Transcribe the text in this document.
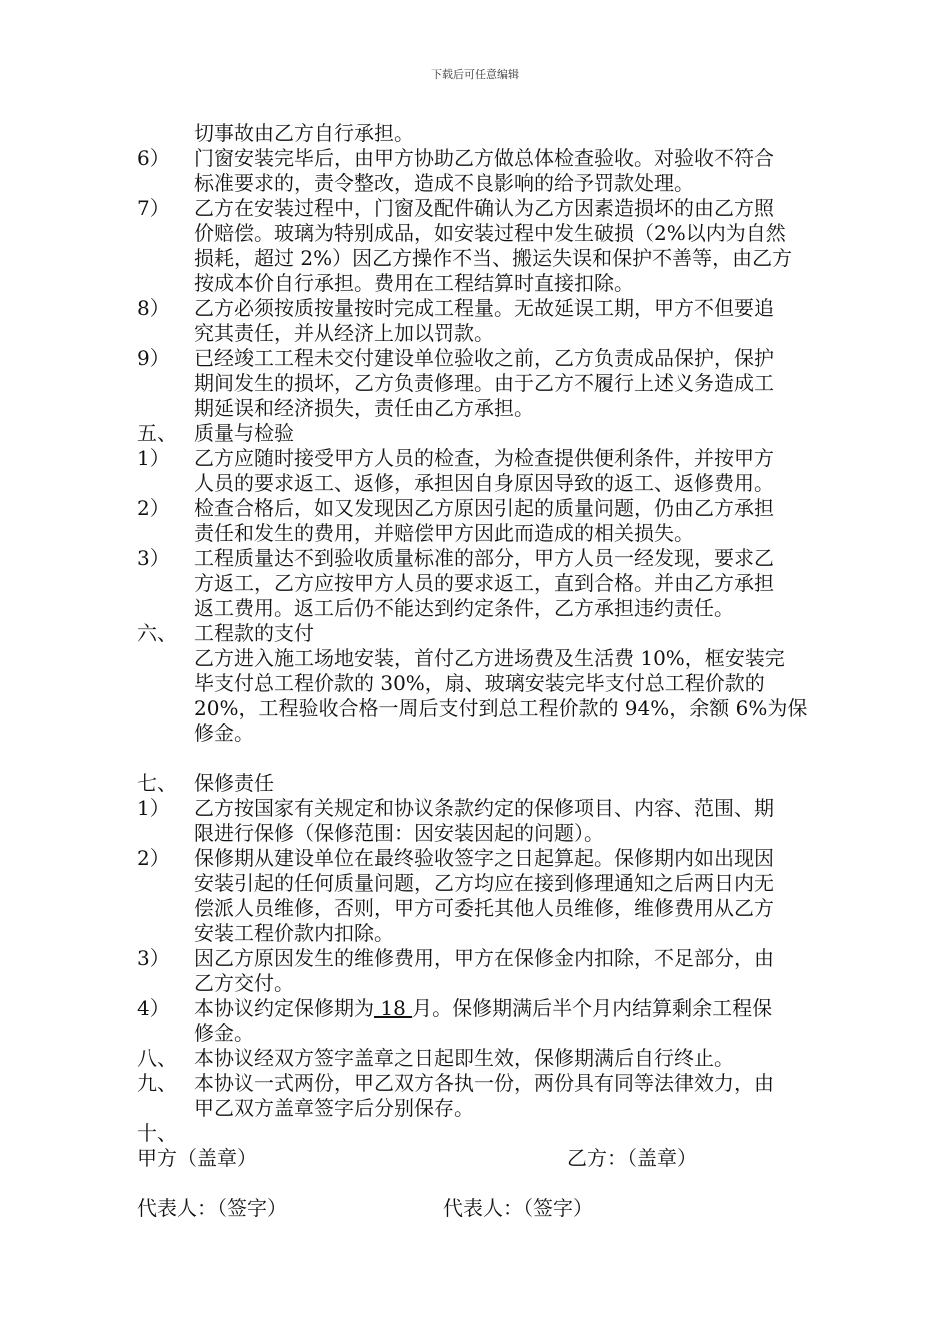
下载后可任意编辑
切事故由乙方自行承担。
6） 门窗安装完毕后，由甲方协助乙方做总体检查验收。对验收不符合
标准要求的，责令整改，造成不良影响的给予罚款处理。
7） 乙方在安装过程中，门窗及配件确认为乙方因素造损坏的由乙方照
价赔偿。玻璃为特别成品，如安装过程中发生破损（2%以内为自然
损耗，超过 2%）因乙方操作不当、搬运失误和保护不善等，由乙方
按成本价自行承担。费用在工程结算时直接扣除。
8） 乙方必须按质按量按时完成工程量。无故延误工期，甲方不但要追
究其责任，并从经济上加以罚款。
9） 已经竣工工程未交付建设单位验收之前，乙方负责成品保护，保护
期间发生的损坏，乙方负责修理。由于乙方不履行上述义务造成工
期延误和经济损失，责任由乙方承担。
五、 质量与检验
1） 乙方应随时接受甲方人员的检查，为检查提供便利条件，并按甲方
人员的要求返工、返修，承担因自身原因导致的返工、返修费用。
2） 检查合格后，如又发现因乙方原因引起的质量问题，仍由乙方承担
责任和发生的费用，并赔偿甲方因此而造成的相关损失。
3） 工程质量达不到验收质量标准的部分，甲方人员一经发现，要求乙
方返工，乙方应按甲方人员的要求返工，直到合格。并由乙方承担
返工费用。返工后仍不能达到约定条件，乙方承担违约责任。
六、 工程款的支付
乙方进入施工场地安装，首付乙方进场费及生活费 10%，框安装完
毕支付总工程价款的 30%，扇、玻璃安装完毕支付总工程价款的
20%，工程验收合格一周后支付到总工程价款的 94%，余额 6%为保
修金。
七、 保修责任
1） 乙方按国家有关规定和协议条款约定的保修项目、内容、范围、期
限进行保修（保修范围：因安装因起的问题）。
2） 保修期从建设单位在最终验收签字之日起算起。保修期内如出现因
安装引起的任何质量问题，乙方均应在接到修理通知之后两日内无
偿派人员维修，否则，甲方可委托其他人员维修，维修费用从乙方
安装工程价款内扣除。
3） 因乙方原因发生的维修费用，甲方在保修金内扣除，不足部分，由
乙方交付。
4） 本协议约定保修期为 18 月。保修期满后半个月内结算剩余工程保
修金。
八、 本协议经双方签字盖章之日起即生效，保修期满后自行终止。
九、 本协议一式两份，甲乙双方各执一份，两份具有同等法律效力，由
甲乙双方盖章签字后分别保存。
十、
甲方（盖章）	乙方：（盖章）
代表人：（签字）	代表人：（签字）
